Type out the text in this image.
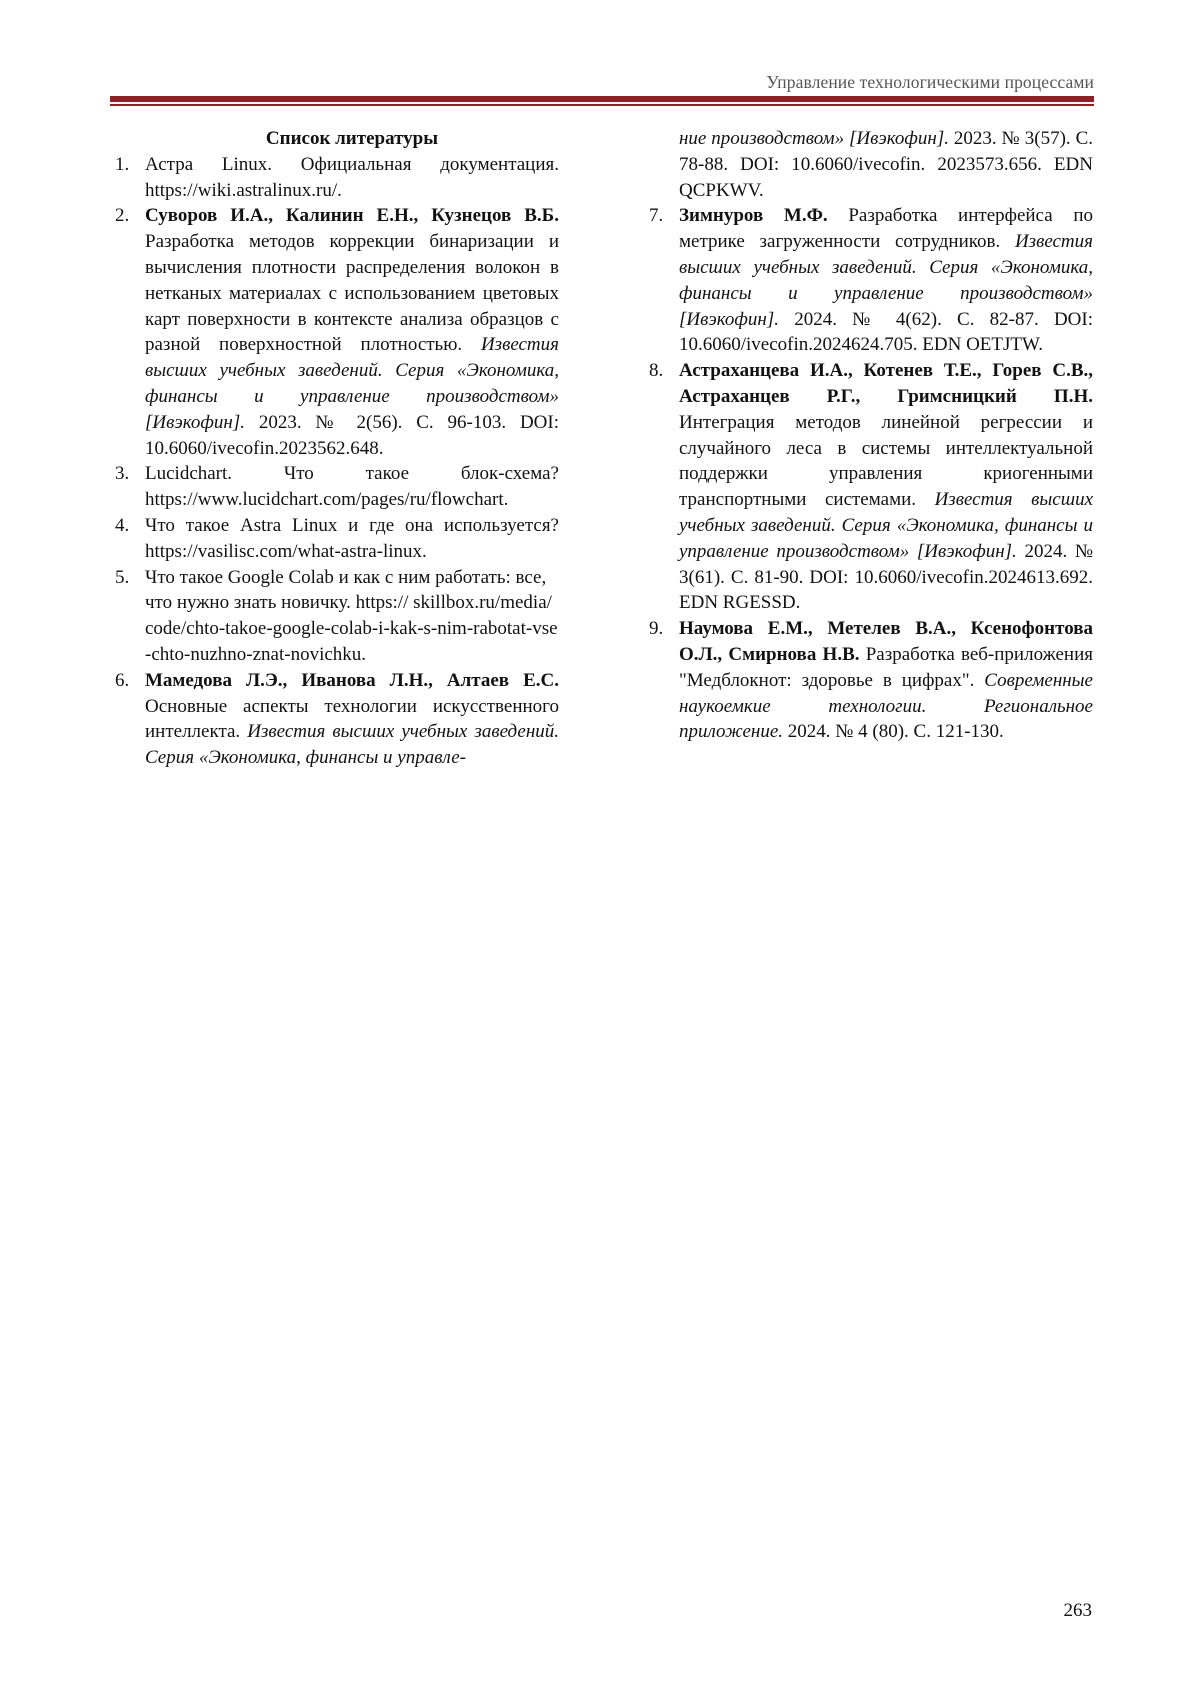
Управление технологическими процессами
Список литературы
1. Астра Linux. Официальная документация. https://wiki.astralinux.ru/.
2. Суворов И.А., Калинин Е.Н., Кузнецов В.Б. Разработка методов коррекции бинаризации и вычисления плотности распределения волокон в нетканых материалах с использованием цветовых карт поверхности в контексте анализа образцов с разной поверхностной плотностью. Известия высших учебных заведений. Серия «Экономика, финансы и управление производством» [Ивэкофин]. 2023. № 2(56). С. 96-103. DOI: 10.6060/ivecofin.2023562.648.
3. Lucidchart. Что такое блок-схема? https://www.lucidchart.com/pages/ru/flowchart.
4. Что такое Astra Linux и где она используется? https://vasilisc.com/what-astra-linux.
5. Что такое Google Colab и как с ним работать: все, что нужно знать новичку. https:// skillbox.ru/media/code/chto-takoe-google-colab-i-kak-s-nim-rabotat-vse-chto-nuzhno-znat-novichku.
6. Мамедова Л.Э., Иванова Л.Н., Алтаев Е.С. Основные аспекты технологии искусственного интеллекта. Известия высших учебных заведений. Серия «Экономика, финансы и управле-
ние производством» [Ивэкофин]. 2023. № 3(57). С. 78-88. DOI: 10.6060/ivecofin. 2023573.656. EDN QCPKWV.
7. Зимнуров М.Ф. Разработка интерфейса по метрике загруженности сотрудников. Известия высших учебных заведений. Серия «Экономика, финансы и управление производством» [Ивэкофин]. 2024. № 4(62). С. 82-87. DOI: 10.6060/ivecofin.2024624.705. EDN OETJTW.
8. Астраханцева И.А., Котенев Т.Е., Горев С.В., Астраханцев Р.Г., Гримсницкий П.Н. Интеграция методов линейной регрессии и случайного леса в системы интеллектуальной поддержки управления криогенными транспортными системами. Известия высших учебных заведений. Серия «Экономика, финансы и управление производством» [Ивэкофин]. 2024. № 3(61). С. 81-90. DOI: 10.6060/ivecofin.2024613.692. EDN RGESSD.
9. Наумова Е.М., Метелев В.А., Ксенофонтова О.Л., Смирнова Н.В. Разработка веб-приложения "Медблокнот: здоровье в цифрах". Современные наукоемкие технологии. Региональное приложение. 2024. № 4 (80). С. 121-130.
263
